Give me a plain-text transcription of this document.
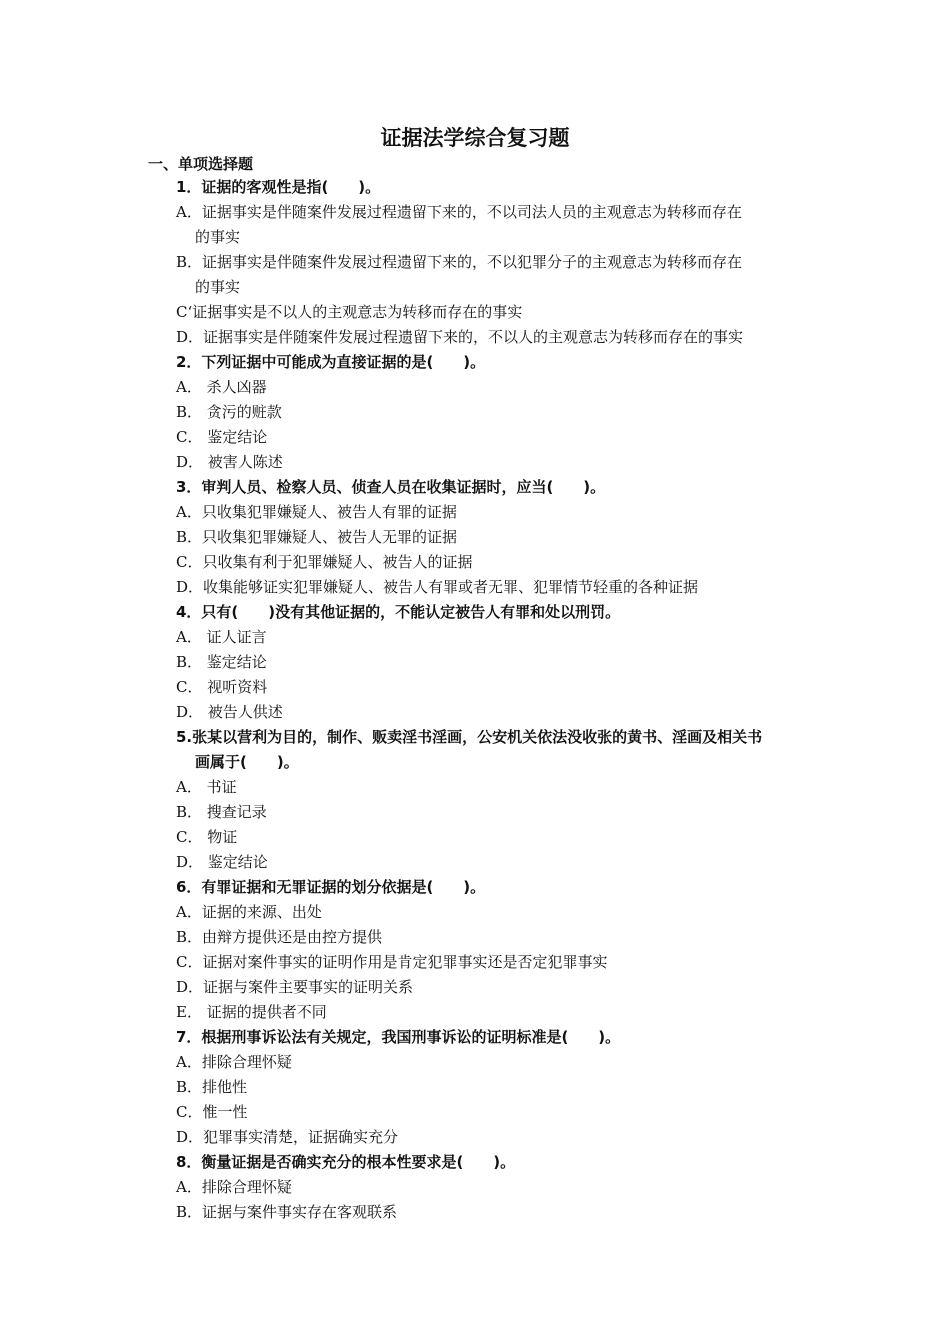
证据法学综合复习题
一、单项选择题
1．证据的客观性是指(　　)。
A．证据事实是伴随案件发展过程遗留下来的，不以司法人员的主观意志为转移而存在
的事实
B．证据事实是伴随案件发展过程遗留下来的，不以犯罪分子的主观意志为转移而存在
的事实
C‘证据事实是不以人的主观意志为转移而存在的事实
D．证据事实是伴随案件发展过程遗留下来的，不以人的主观意志为转移而存在的事实
2．下列证据中可能成为直接证据的是(　　)。
A． 杀人凶器
B． 贪污的赃款
C． 鉴定结论
D． 被害人陈述
3．审判人员、检察人员、侦查人员在收集证据时，应当(　　)。
A．只收集犯罪嫌疑人、被告人有罪的证据
B．只收集犯罪嫌疑人、被告人无罪的证据
C．只收集有利于犯罪嫌疑人、被告人的证据
D．收集能够证实犯罪嫌疑人、被告人有罪或者无罪、犯罪情节轻重的各种证据
4．只有(　　)没有其他证据的，不能认定被告人有罪和处以刑罚。
A． 证人证言
B． 鉴定结论
C． 视听资料
D． 被告人供述
5.张某以营利为目的，制作、贩卖淫书淫画，公安机关依法没收张的黄书、淫画及相关书
画属于(　　)。
A． 书证
B． 搜查记录
C． 物证
D． 鉴定结论
6．有罪证据和无罪证据的划分依据是(　　)。
A．证据的来源、出处
B．由辩方提供还是由控方提供
C．证据对案件事实的证明作用是肯定犯罪事实还是否定犯罪事实
D．证据与案件主要事实的证明关系
E． 证据的提供者不同
7．根据刑事诉讼法有关规定，我国刑事诉讼的证明标准是(　　)。
A．排除合理怀疑
B．排他性
C．惟一性
D．犯罪事实清楚，证据确实充分
8．衡量证据是否确实充分的根本性要求是(　　)。
A．排除合理怀疑
B．证据与案件事实存在客观联系
